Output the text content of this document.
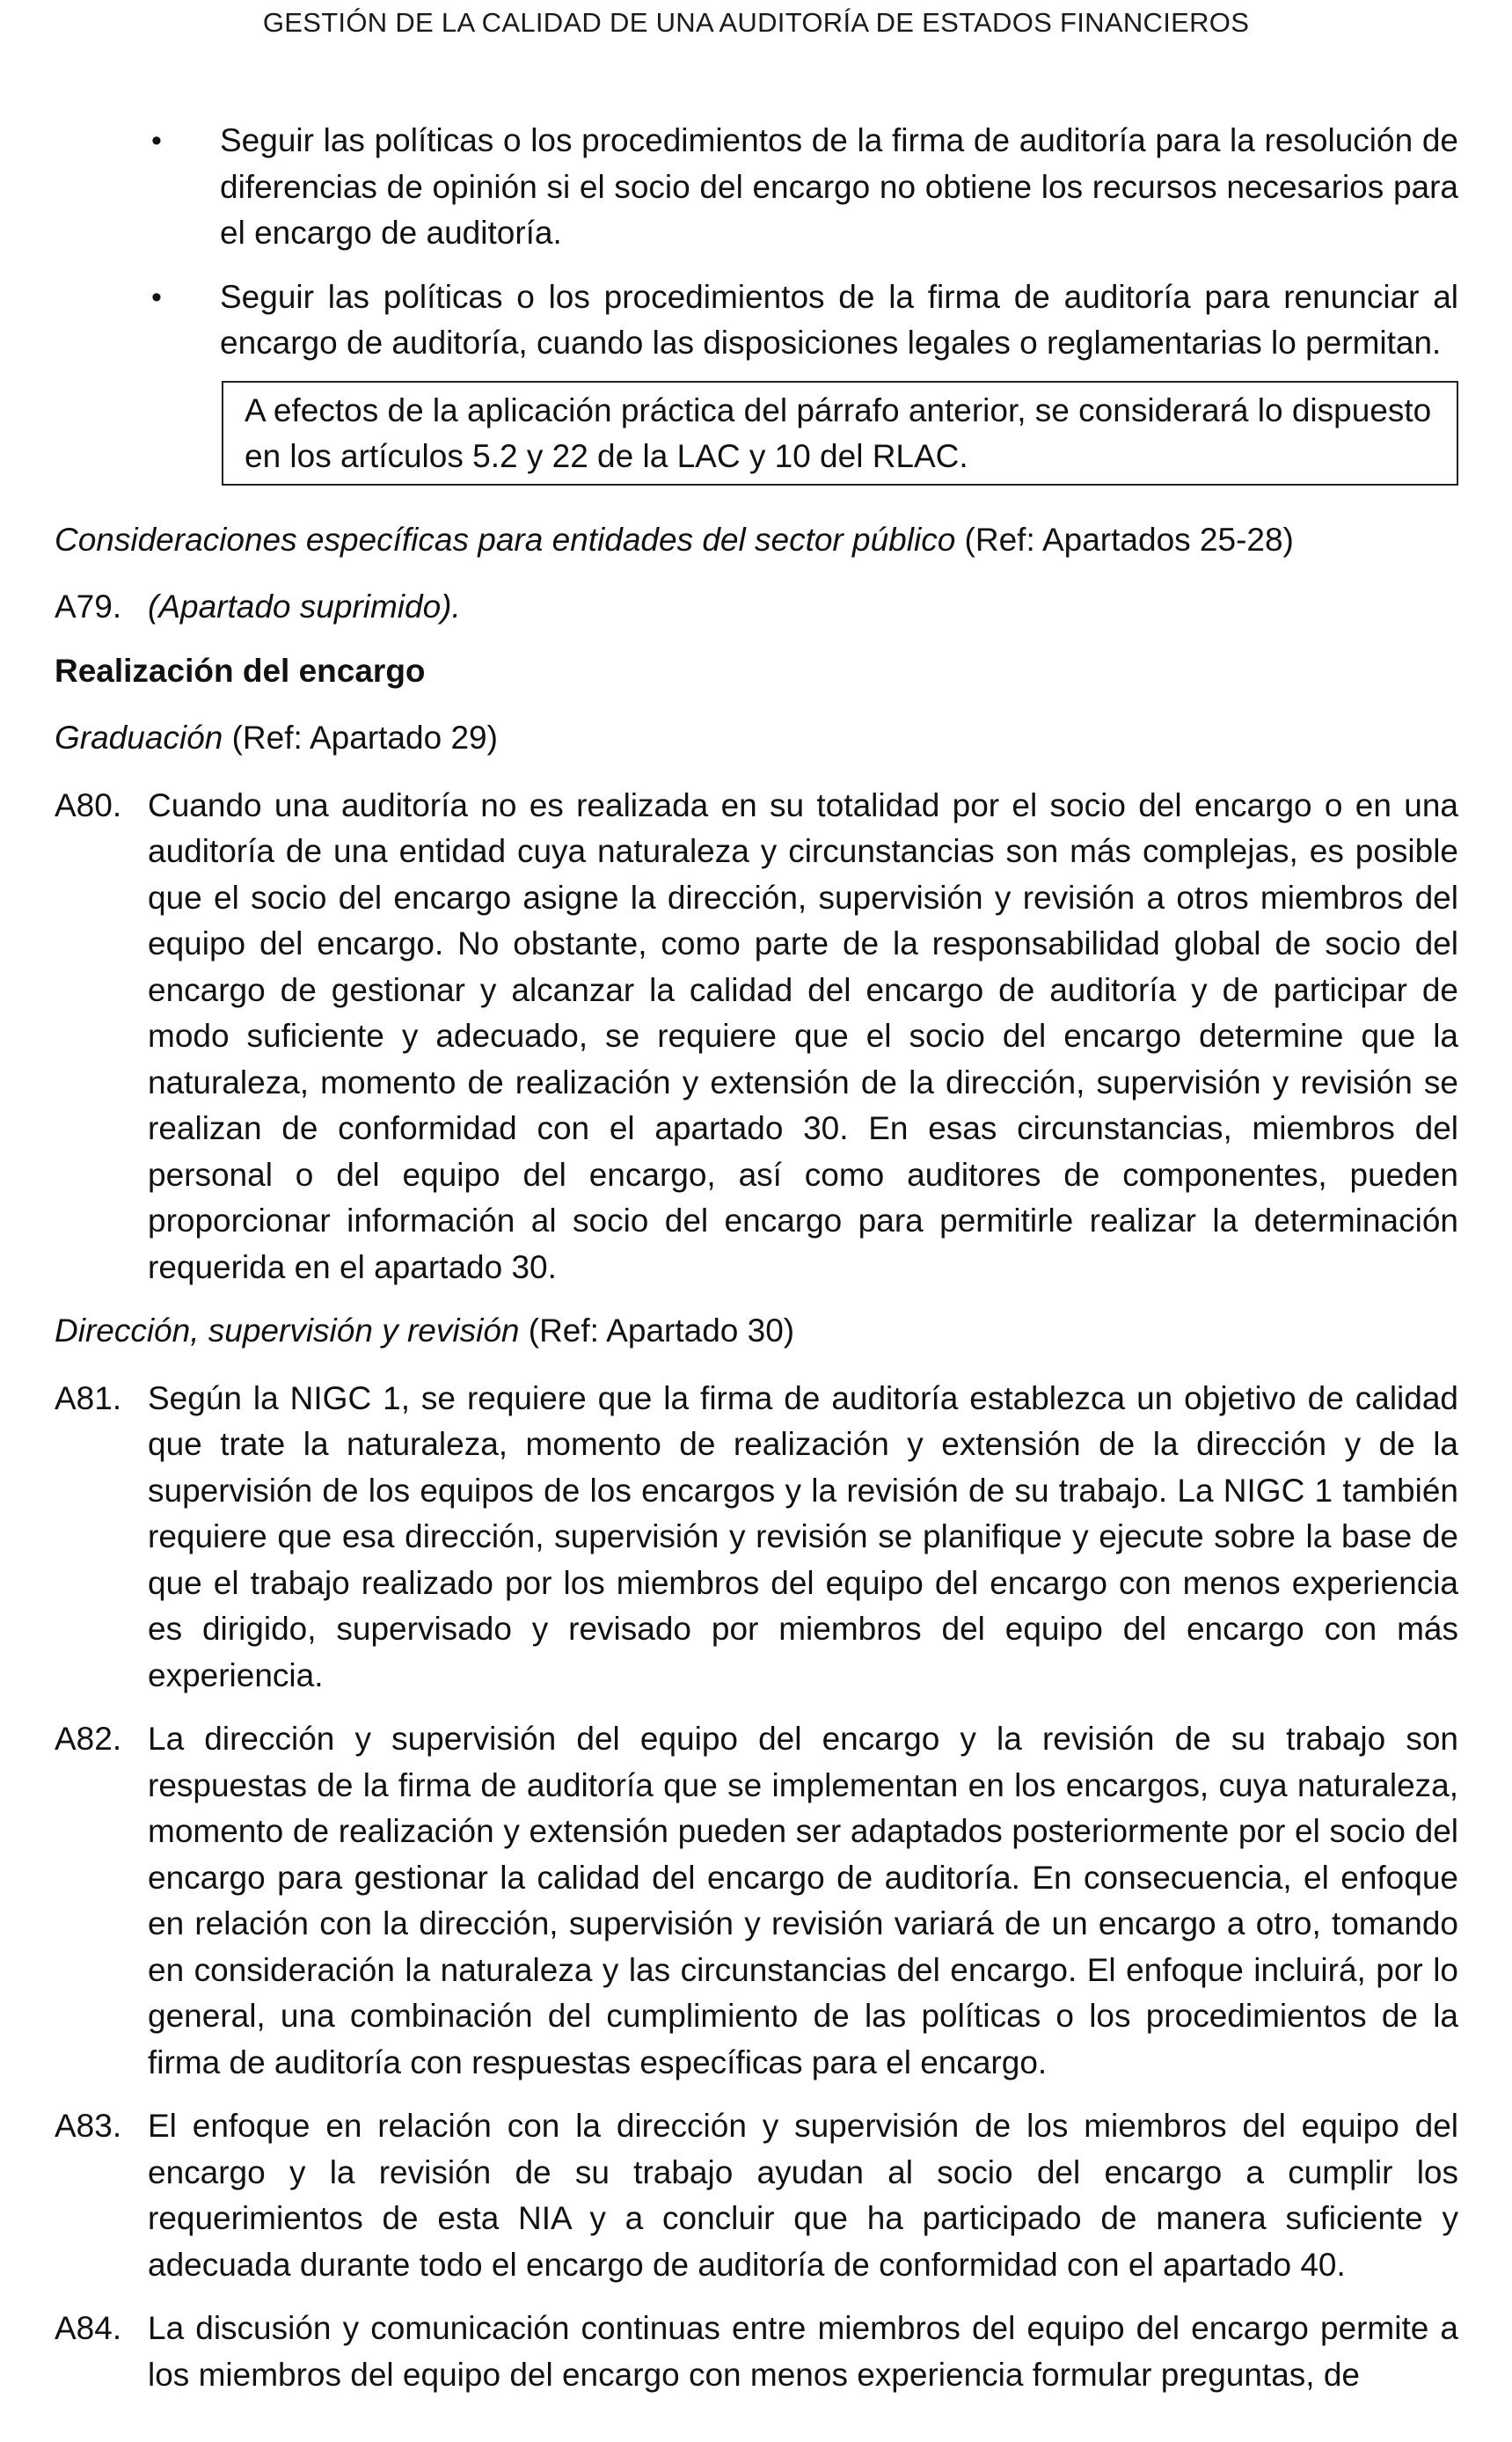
GESTIÓN DE LA CALIDAD DE UNA AUDITORÍA DE ESTADOS FINANCIEROS
•	Seguir las políticas o los procedimientos de la firma de auditoría para la resolución de diferencias de opinión si el socio del encargo no obtiene los recursos necesarios para el encargo de auditoría.
•	Seguir las políticas o los procedimientos de la firma de auditoría para renunciar al encargo de auditoría, cuando las disposiciones legales o reglamentarias lo permitan.
A efectos de la aplicación práctica del párrafo anterior, se considerará lo dispuesto en los artículos 5.2 y 22 de la LAC y 10 del RLAC.
Consideraciones específicas para entidades del sector público (Ref: Apartados 25-28)
A79. (Apartado suprimido).
Realización del encargo
Graduación (Ref: Apartado 29)
A80. Cuando una auditoría no es realizada en su totalidad por el socio del encargo o en una auditoría de una entidad cuya naturaleza y circunstancias son más complejas, es posible que el socio del encargo asigne la dirección, supervisión y revisión a otros miembros del equipo del encargo. No obstante, como parte de la responsabilidad global de socio del encargo de gestionar y alcanzar la calidad del encargo de auditoría y de participar de modo suficiente y adecuado, se requiere que el socio del encargo determine que la naturaleza, momento de realización y extensión de la dirección, supervisión y revisión se realizan de conformidad con el apartado 30. En esas circunstancias, miembros del personal o del equipo del encargo, así como auditores de componentes, pueden proporcionar información al socio del encargo para permitirle realizar la determinación requerida en el apartado 30.
Dirección, supervisión y revisión (Ref: Apartado 30)
A81. Según la NIGC 1, se requiere que la firma de auditoría establezca un objetivo de calidad que trate la naturaleza, momento de realización y extensión de la dirección y de la supervisión de los equipos de los encargos y la revisión de su trabajo. La NIGC 1 también requiere que esa dirección, supervisión y revisión se planifique y ejecute sobre la base de que el trabajo realizado por los miembros del equipo del encargo con menos experiencia es dirigido, supervisado y revisado por miembros del equipo del encargo con más experiencia.
A82. La dirección y supervisión del equipo del encargo y la revisión de su trabajo son respuestas de la firma de auditoría que se implementan en los encargos, cuya naturaleza, momento de realización y extensión pueden ser adaptados posteriormente por el socio del encargo para gestionar la calidad del encargo de auditoría. En consecuencia, el enfoque en relación con la dirección, supervisión y revisión variará de un encargo a otro, tomando en consideración la naturaleza y las circunstancias del encargo. El enfoque incluirá, por lo general, una combinación del cumplimiento de las políticas o los procedimientos de la firma de auditoría con respuestas específicas para el encargo.
A83. El enfoque en relación con la dirección y supervisión de los miembros del equipo del encargo y la revisión de su trabajo ayudan al socio del encargo a cumplir los requerimientos de esta NIA y a concluir que ha participado de manera suficiente y adecuada durante todo el encargo de auditoría de conformidad con el apartado 40.
A84. La discusión y comunicación continuas entre miembros del equipo del encargo permite a los miembros del equipo del encargo con menos experiencia formular preguntas, de
